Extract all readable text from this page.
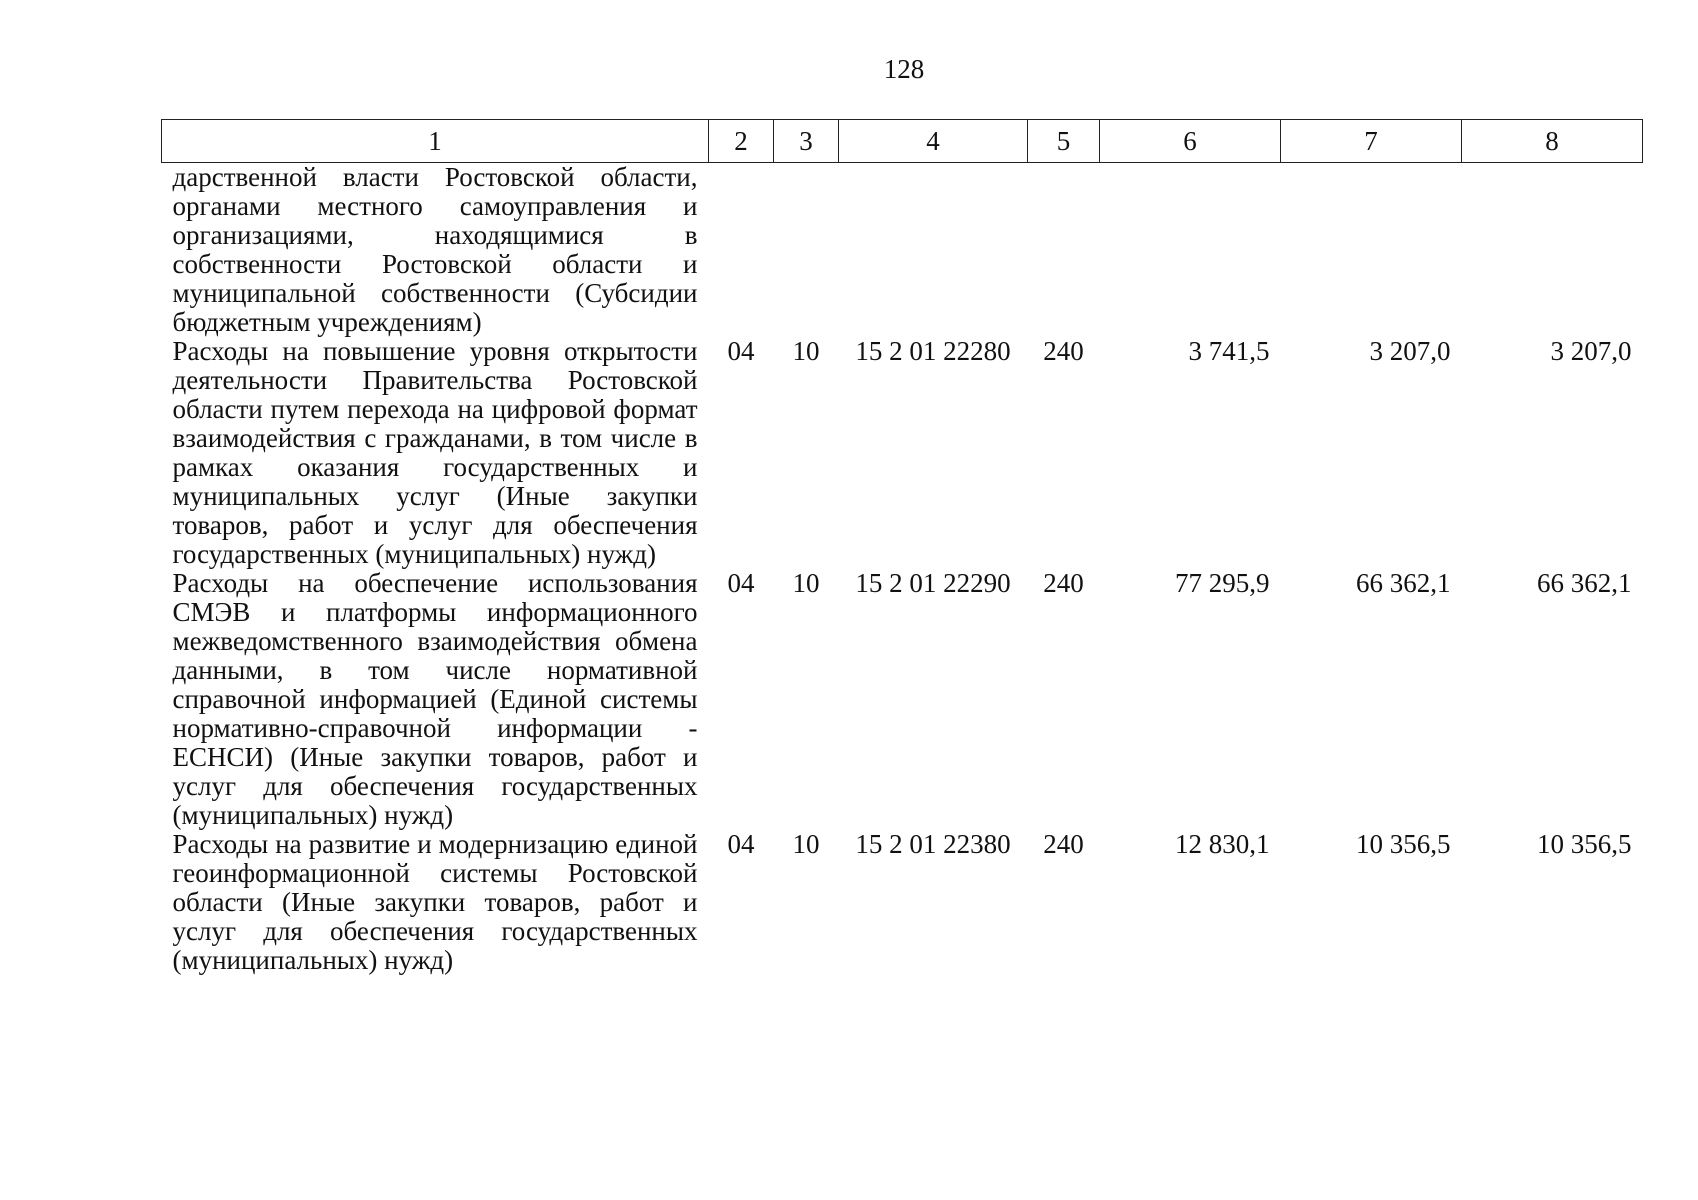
128
1	2	3	4	5	6	7	8
дарственной власти Ростовской области, органами местного самоуправления и организациями, находящимися в собственности Ростовской области и муниципальной собственности (Субсидии бюджетным учреждениям)							
Расходы на повышение уровня открытости деятельности Правительства Ростовской области путем перехода на цифровой формат взаимодействия с гражданами, в том числе в рамках оказания государственных и муниципальных услуг (Иные закупки товаров, работ и услуг для обеспечения государственных (муниципальных) нужд)	04	10	15 2 01 22280	240	3 741,5	3 207,0	3 207,0
Расходы на обеспечение использования СМЭВ и платформы информационного межведомственного взаимодействия обмена данными, в том числе нормативной справочной информацией (Единой системы нормативно-справочной информации - ЕСНСИ) (Иные закупки товаров, работ и услуг для обеспечения государственных (муниципальных) нужд)	04	10	15 2 01 22290	240	77 295,9	66 362,1	66 362,1
Расходы на развитие и модернизацию единой геоинформационной системы Ростовской области (Иные закупки товаров, работ и услуг для обеспечения государственных (муниципальных) нужд)	04	10	15 2 01 22380	240	12 830,1	10 356,5	10 356,5
